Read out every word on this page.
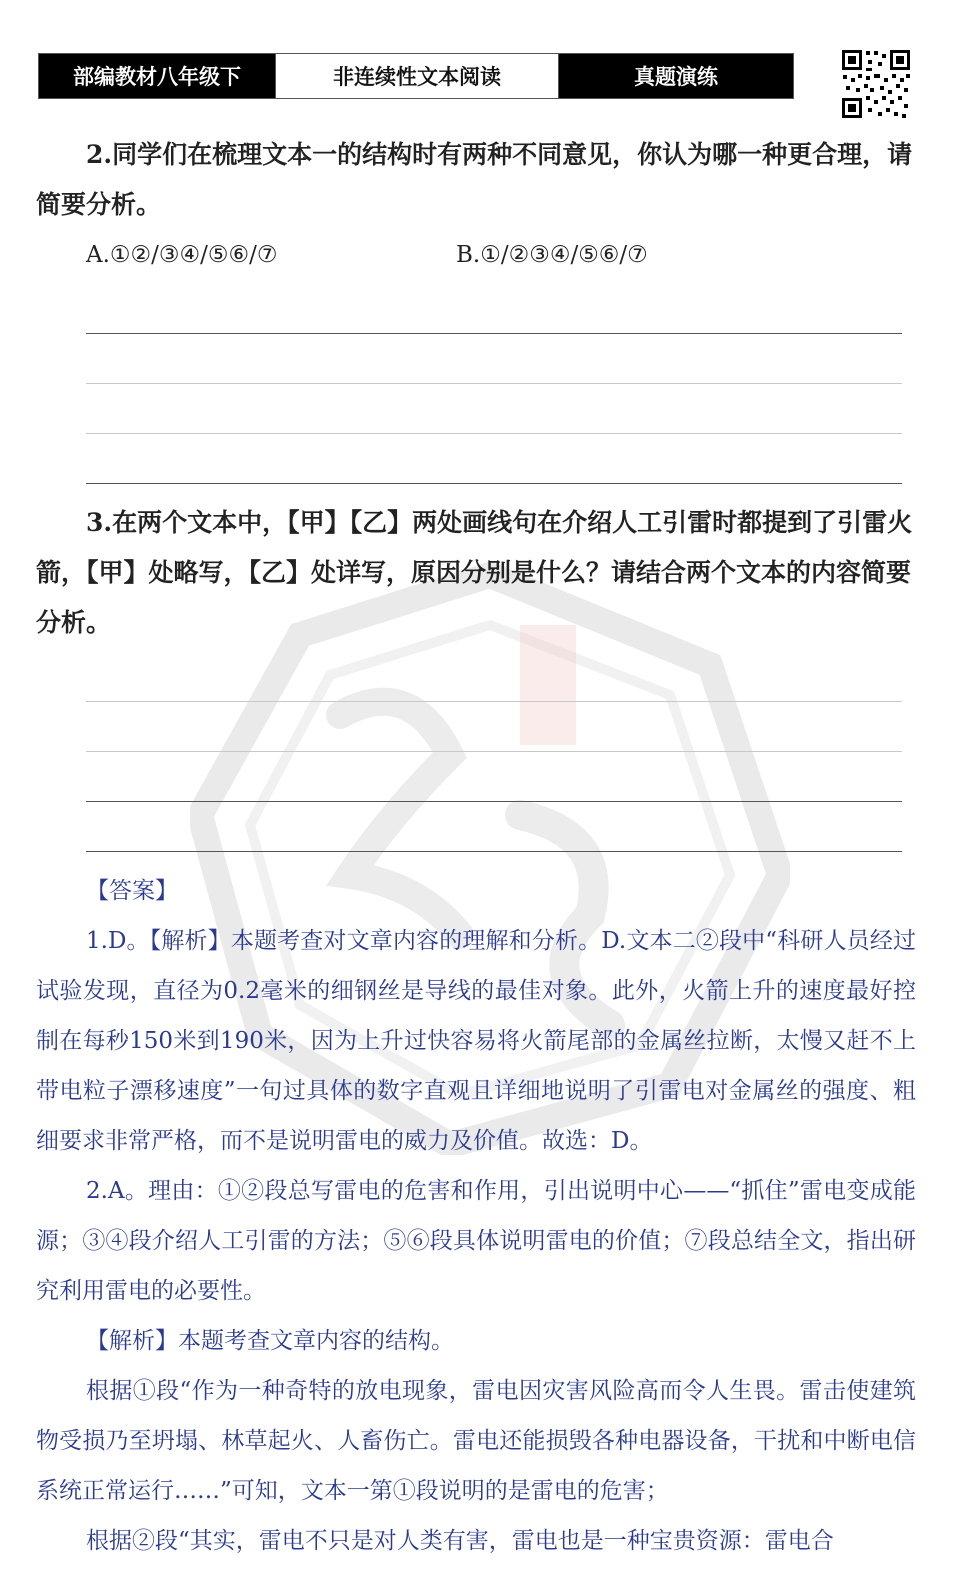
部编教材八年级下	非连续性文本阅读	真题演练

2.同学们在梳理文本一的结构时有两种不同意见，你认为哪一种更合理，请简要分析。

A.①②/③④/⑤⑥/⑦	B.①/②③④/⑤⑥/⑦

3.在两个文本中，【甲】【乙】两处画线句在介绍人工引雷时都提到了引雷火箭，【甲】处略写，【乙】处详写，原因分别是什么？请结合两个文本的内容简要分析。

【答案】

1.D。【解析】本题考查对文章内容的理解和分析。D.文本二②段中“科研人员经过试验发现，直径为0.2毫米的细钢丝是导线的最佳对象。此外，火箭上升的速度最好控制在每秒150米到190米，因为上升过快容易将火箭尾部的金属丝拉断，太慢又赶不上带电粒子漂移速度”一句过具体的数字直观且详细地说明了引雷电对金属丝的强度、粗细要求非常严格，而不是说明雷电的威力及价值。故选：D。

2.A。理由：①②段总写雷电的危害和作用，引出说明中心——“抓住”雷电变成能源；③④段介绍人工引雷的方法；⑤⑥段具体说明雷电的价值；⑦段总结全文，指出研究利用雷电的必要性。

【解析】本题考查文章内容的结构。

根据①段“作为一种奇特的放电现象，雷电因灾害风险高而令人生畏。雷击使建筑物受损乃至坍塌、林草起火、人畜伤亡。雷电还能损毁各种电器设备，干扰和中断电信系统正常运行……”可知，文本一第①段说明的是雷电的危害；

根据②段“其实，雷电不只是对人类有害，雷电也是一种宝贵资源：雷电合
